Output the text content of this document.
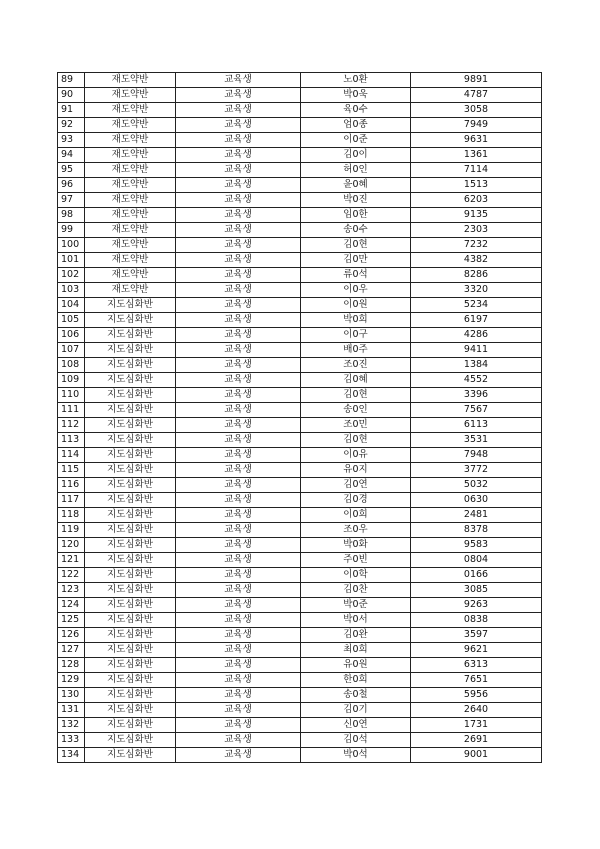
89	재도약반	교육생	노0환	9891
90	재도약반	교육생	박0욱	4787
91	재도약반	교육생	육0수	3058
92	재도약반	교육생	엄0종	7949
93	재도약반	교육생	이0준	9631
94	재도약반	교육생	김0이	1361
95	재도약반	교육생	허0인	7114
96	재도약반	교육생	윤0혜	1513
97	재도약반	교육생	박0진	6203
98	재도약반	교육생	임0한	9135
99	재도약반	교육생	송0수	2303
100	재도약반	교육생	김0현	7232
101	재도약반	교육생	김0만	4382
102	재도약반	교육생	류0석	8286
103	재도약반	교육생	이0우	3320
104	지도심화반	교육생	이0원	5234
105	지도심화반	교육생	박0희	6197
106	지도심화반	교육생	이0구	4286
107	지도심화반	교육생	배0주	9411
108	지도심화반	교육생	조0진	1384
109	지도심화반	교육생	김0혜	4552
110	지도심화반	교육생	김0현	3396
111	지도심화반	교육생	송0인	7567
112	지도심화반	교육생	조0민	6113
113	지도심화반	교육생	김0현	3531
114	지도심화반	교육생	이0유	7948
115	지도심화반	교육생	유0지	3772
116	지도심화반	교육생	김0연	5032
117	지도심화반	교육생	김0경	0630
118	지도심화반	교육생	이0희	2481
119	지도심화반	교육생	조0우	8378
120	지도심화반	교육생	박0화	9583
121	지도심화반	교육생	주0빈	0804
122	지도심화반	교육생	이0학	0166
123	지도심화반	교육생	김0찬	3085
124	지도심화반	교육생	박0준	9263
125	지도심화반	교육생	박0서	0838
126	지도심화반	교육생	김0완	3597
127	지도심화반	교육생	최0희	9621
128	지도심화반	교육생	유0원	6313
129	지도심화반	교육생	한0희	7651
130	지도심화반	교육생	송0철	5956
131	지도심화반	교육생	김0기	2640
132	지도심화반	교육생	신0연	1731
133	지도심화반	교육생	김0석	2691
134	지도심화반	교육생	박0석	9001
